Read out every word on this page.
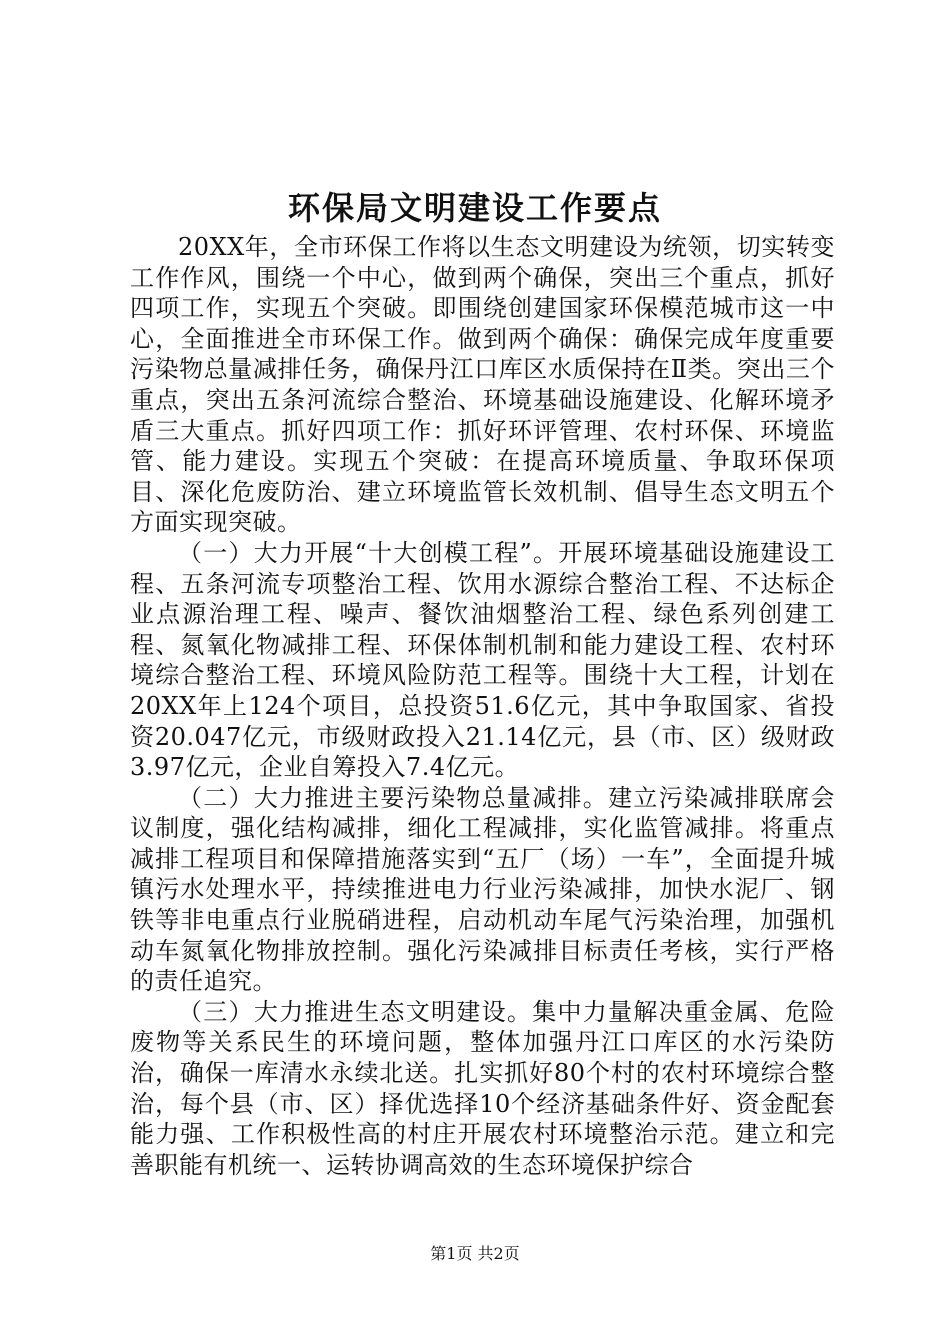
环保局文明建设工作要点

20XX年，全市环保工作将以生态文明建设为统领，切实转变工作作风，围绕一个中心，做到两个确保，突出三个重点，抓好四项工作，实现五个突破。即围绕创建国家环保模范城市这一中心，全面推进全市环保工作。做到两个确保：确保完成年度重要污染物总量减排任务，确保丹江口库区水质保持在Ⅱ类。突出三个重点，突出五条河流综合整治、环境基础设施建设、化解环境矛盾三大重点。抓好四项工作：抓好环评管理、农村环保、环境监管、能力建设。实现五个突破：在提高环境质量、争取环保项目、深化危废防治、建立环境监管长效机制、倡导生态文明五个方面实现突破。

（一）大力开展“十大创模工程”。开展环境基础设施建设工程、五条河流专项整治工程、饮用水源综合整治工程、不达标企业点源治理工程、噪声、餐饮油烟整治工程、绿色系列创建工程、氮氧化物减排工程、环保体制机制和能力建设工程、农村环境综合整治工程、环境风险防范工程等。围绕十大工程，计划在20XX年上124个项目，总投资51.6亿元，其中争取国家、省投资20.047亿元，市级财政投入21.14亿元，县（市、区）级财政3.97亿元，企业自筹投入7.4亿元。

（二）大力推进主要污染物总量减排。建立污染减排联席会议制度，强化结构减排，细化工程减排，实化监管减排。将重点减排工程项目和保障措施落实到“五厂（场）一车”，全面提升城镇污水处理水平，持续推进电力行业污染减排，加快水泥厂、钢铁等非电重点行业脱硝进程，启动机动车尾气污染治理，加强机动车氮氧化物排放控制。强化污染减排目标责任考核，实行严格的责任追究。

（三）大力推进生态文明建设。集中力量解决重金属、危险废物等关系民生的环境问题，整体加强丹江口库区的水污染防治，确保一库清水永续北送。扎实抓好80个村的农村环境综合整治，每个县（市、区）择优选择10个经济基础条件好、资金配套能力强、工作积极性高的村庄开展农村环境整治示范。建立和完善职能有机统一、运转协调高效的生态环境保护综合

第1页 共2页
